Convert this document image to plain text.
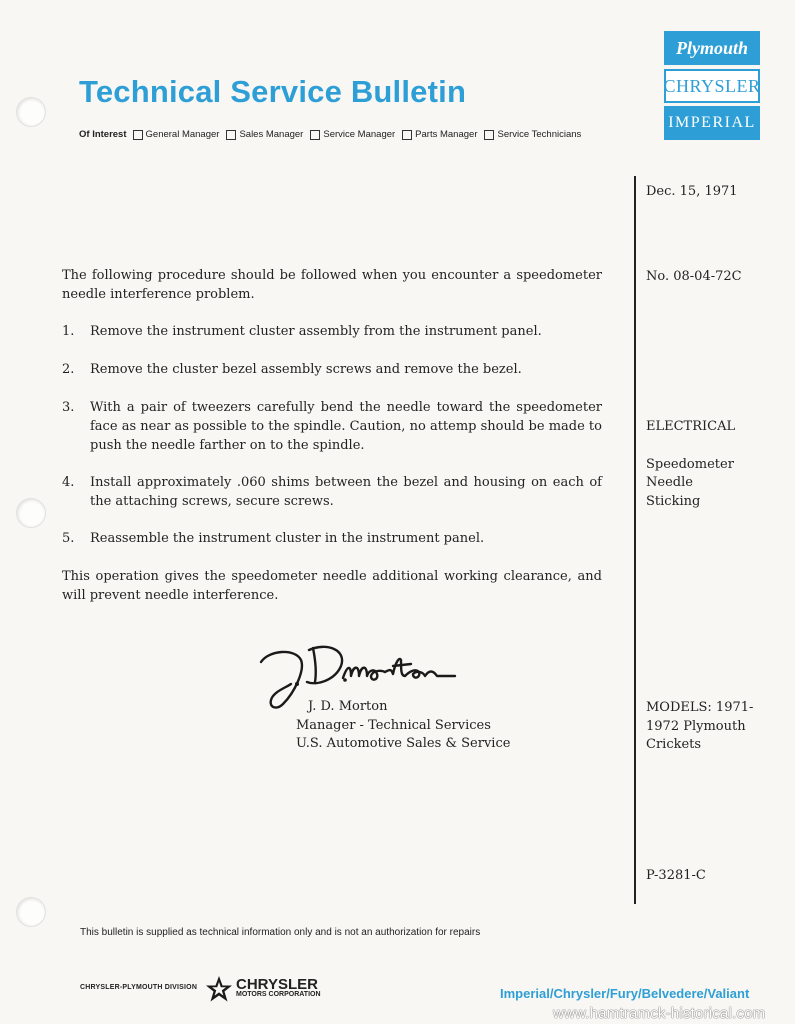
Technical Service Bulletin
Of Interest General Manager Sales Manager Service Manager Parts Manager Service Technicians
Plymouth
CHRYSLER
IMPERIAL
Dec. 15, 1971
No. 08-04-72C
ELECTRICAL
Speedometer
Needle
Sticking
MODELS: 1971-
1972 Plymouth
Crickets
P-3281-C
The following procedure should be followed when you encounter a speedometer needle interference problem.
1.	Remove the instrument cluster assembly from the instrument panel.
2.	Remove the cluster bezel assembly screws and remove the bezel.
3.	With a pair of tweezers carefully bend the needle toward the speedometer face as near as possible to the spindle. Caution, no attemp should be made to push the needle farther on to the spindle.
4.	Install approximately .060 shims between the bezel and housing on each of the attaching screws, secure screws.
5.	Reassemble the instrument cluster in the instrument panel.
This operation gives the speedometer needle additional working clearance, and will prevent needle interference.
J. D. Morton
Manager - Technical Services
U.S. Automotive Sales & Service
This bulletin is supplied as technical information only and is not an authorization for repairs
CHRYSLER-PLYMOUTH DIVISION	CHRYSLER
MOTORS CORPORATION	Imperial/Chrysler/Fury/Belvedere/Valiant
www.hamtramck-historical.com
